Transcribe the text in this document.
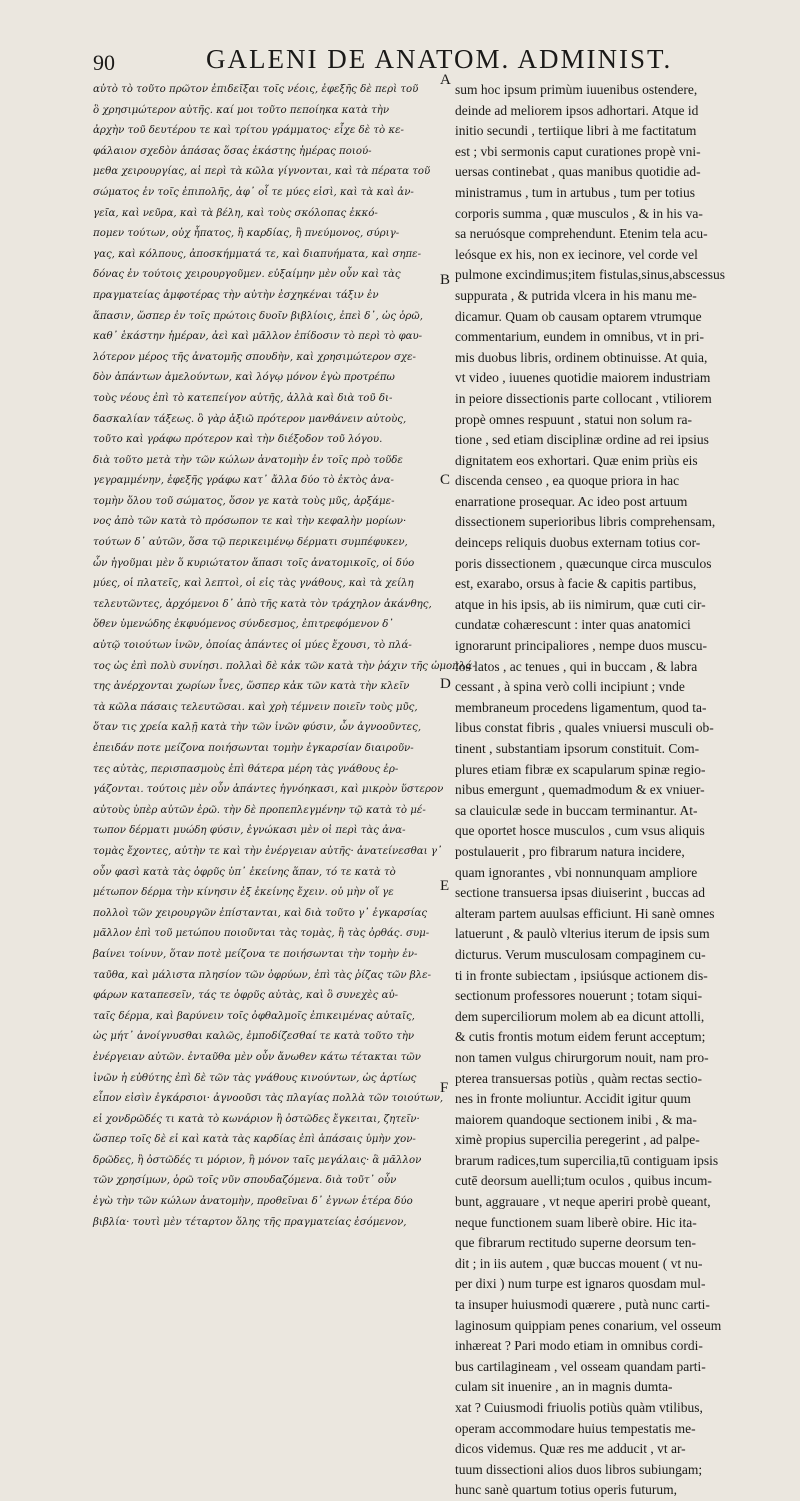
90	GALENI DE ANATOM. ADMINIST.
αὐτὸ τὸ τοῦτο πρῶτον ἐπιδεῖξαι τοῖς νέοις, ἐφεξῆς δὲ περὶ τοῦ
ὃ χρησιμώτερον αὐτῆς. καί μοι τοῦτο πεποίηκα κατὰ τὴν
ἀρχὴν τοῦ δευτέρου τε καὶ τρίτου γράμματος· εἶχε δὲ τὸ κε-
φάλαιον σχεδὸν ἁπάσας ὅσας ἑκάστης ἡμέρας ποιού-
μεθα χειρουργίας, αἱ περὶ τὰ κῶλα γίγνονται, καὶ τὰ πέρατα τοῦ
σώματος ἐν τοῖς ἐπιπολῆς, ἀφ᾽ οἷ τε μύες εἰσὶ, καὶ τὰ καὶ ἀν-
γεῖα, καὶ νεῦρα, καὶ τὰ βέλη, καὶ τοὺς σκόλοπας ἐκκό-
πομεν τούτων, οὐχ ἧπατος, ἢ καρδίας, ἢ πνεύμονος, σύριγ-
γας, καὶ κόλπους, ἀποσκήμματά τε, καὶ διαπυήματα, καὶ σηπε-
δόνας ἐν τούτοις χειρουργοῦμεν. εὐξαίμην μὲν οὖν καὶ τὰς
πραγματείας ἀμφοτέρας τὴν αὐτὴν ἐσχηκέναι τάξιν ἐν
ἅπασιν, ὥσπερ ἐν τοῖς πρώτοις δυοῖν βιβλίοις, ἐπεὶ δ᾽, ὡς ὁρῶ,
καθ᾽ ἑκάστην ἡμέραν, ἀεὶ καὶ μᾶλλον ἐπίδοσιν τὸ περὶ τὸ φαυ-
λότερον μέρος τῆς ἀνατομῆς σπουδὴν, καὶ χρησιμώτερον σχε-
δὸν ἁπάντων ἀμελούντων, καὶ λόγῳ μόνον ἐγὼ προτρέπω
τοὺς νέους ἐπὶ τὸ κατεπείγον αὐτῆς, ἀλλὰ καὶ διὰ τοῦ δι-
δασκαλίαν τάξεως. ὃ γὰρ ἀξιῶ πρότερον μανθάνειν αὐτοὺς,
τοῦτο καὶ γράφω πρότερον καὶ τὴν διέξοδον τοῦ λόγου.
διὰ τοῦτο μετὰ τὴν τῶν κώλων ἀνατομὴν ἐν τοῖς πρὸ τοῦδε
γεγραμμένην, ἐφεξῆς γράφω κατ᾽ ἄλλα δύο τὸ ἐκτὸς ἀνα-
τομὴν ὅλου τοῦ σώματος, ὅσον γε κατὰ τοὺς μῦς, ἀρξάμε-
νος ἀπὸ τῶν κατὰ τὸ πρόσωπον τε καὶ τὴν κεφαλὴν μορίων·
τούτων δ᾽ αὐτῶν, ὅσα τῷ περικειμένῳ δέρματι συμπέφυκεν,
ὧν ἡγοῦμαι μὲν ὅ κυριώτατον ἅπασι τοῖς ἀνατομικοῖς, οἱ δύο
μύες, οἱ πλατεῖς, καὶ λεπτοὶ, οἱ εἰς τὰς γνάθους, καὶ τὰ χείλη
τελευτῶντες, ἀρχόμενοι δ᾽ ἀπὸ τῆς κατὰ τὸν τράχηλον ἀκάνθης,
ὅθεν ὑμενώδης ἐκφυόμενος σύνδεσμος, ἐπιτρεφόμενον δ᾽
αὐτῷ τοιούτων ἰνῶν, ὁποίας ἁπάντες οἱ μύες ἔχουσι, τὸ πλά-
τος ὡς ἐπὶ πολὺ συνίησι. πολλαὶ δὲ κἀκ τῶν κατὰ τὴν ῥάχιν τῆς ὠμοπλά-
της ἀνέρχονται χωρίων ἶνες, ὥσπερ κἀκ τῶν κατὰ τὴν κλεῖν
τὰ κῶλα πάσαις τελευτῶσαι. καὶ χρὴ τέμνειν ποιεῖν τοὺς μῦς,
ὅταν τις χρεία καλῇ κατὰ τὴν τῶν ἰνῶν φύσιν, ὧν ἀγνοοῦντες,
ἐπειδάν ποτε μείζονα ποιήσωνται τομὴν ἐγκαρσίαν διαιροῦν-
τες αὐτὰς, περισπασμοὺς ἐπὶ θάτερα μέρη τὰς γνάθους ἐρ-
γάζονται. τούτοις μὲν οὖν ἁπάντες ἠγνόηκασι, καὶ μικρὸν ὕστερον
αὐτοὺς ὑπὲρ αὐτῶν ἐρῶ. τὴν δὲ προπεπλεγμένην τῷ κατὰ τὸ μέ-
τωπον δέρματι μυώδη φύσιν, ἐγνώκασι μὲν οἱ περὶ τὰς ἀνα-
τομὰς ἔχοντες, αὐτὴν τε καὶ τὴν ἐνέργειαν αὐτῆς· ἀνατείνεσθαι γ᾽
οὖν φασὶ κατὰ τὰς ὀφρῦς ὑπ᾽ ἐκείνης ἅπαν, τό τε κατὰ τὸ
μέτωπον δέρμα τὴν κίνησιν ἐξ ἐκείνης ἔχειν. οὐ μὴν οἵ γε
πολλοὶ τῶν χειρουργῶν ἐπίστανται, καὶ διὰ τοῦτο γ᾽ ἐγκαρσίας
μᾶλλον ἐπὶ τοῦ μετώπου ποιοῦνται τὰς τομὰς, ἢ τὰς ὀρθάς. συμ-
βαίνει τοίνυν, ὅταν ποτὲ μείζονα τε ποιήσωνται τὴν τομὴν ἐν-
ταῦθα, καὶ μάλιστα πλησίον τῶν ὀφρύων, ἐπὶ τὰς ῥίζας τῶν βλε-
φάρων καταπεσεῖν, τάς τε ὀφρῦς αὐτὰς, καὶ ὃ συνεχὲς αὐ-
ταῖς δέρμα, καὶ βαρύνειν τοῖς ὀφθαλμοῖς ἐπικειμένας αὐταῖς,
ὡς μήτ᾽ ἀνοίγνυσθαι καλῶς, ἐμποδίζεσθαί τε κατὰ τοῦτο τὴν
ἐνέργειαν αὐτῶν. ἐνταῦθα μὲν οὖν ἄνωθεν κάτω τέτακται τῶν
ἰνῶν ἡ εὐθύτης ἐπὶ δὲ τῶν τὰς γνάθους κινούντων, ὡς ἀρτίως
εἶπον εἰσὶν ἐγκάρσιοι· ἀγνοοῦσι τὰς πλαγίας πολλὰ τῶν τοιούτων,
εἰ χονδρῶδές τι κατὰ τὸ κωνάριον ἢ ὀστῶδες ἔγκειται, ζητεῖν·
ὥσπερ τοῖς δὲ εἰ καὶ κατὰ τὰς καρδίας ἐπὶ ἁπάσαις ὑμὴν χον-
δρῶδες, ἢ ὀστῶδές τι μόριον, ἢ μόνον ταῖς μεγάλαις· ἃ μᾶλλον
τῶν χρησίμων, ὁρῶ τοῖς νῦν σπουδαζόμενα. διὰ τοῦτ᾽ οὖν
ἐγὼ τὴν τῶν κώλων ἀνατομὴν, προθεῖναι δ᾽ ἐγνων ἑτέρα δύο
βιβλία· τουτὶ μὲν τέταρτον ὅλης τῆς πραγματείας ἐσόμενον,
sum hoc ipsum primùm iuuenibus ostendere,
deinde ad meliorem ipsos adhortari. Atque id
initio secundi , tertiique libri à me factitatum
est ; vbi sermonis caput curationes propè vni-
uersas continebat , quas manibus quotidie ad-
ministramus , tum in artubus , tum per totius
corporis summa , quæ musculos , & in his va-
sa neruósque comprehendunt. Etenim tela acu-
leósque ex his, non ex iecinore, vel corde vel
pulmone excindimus;item fistulas,sinus,abscessus
suppurata , & putrida vlcera in his manu me-
dicamur. Quam ob causam optarem vtrumque
commentarium, eundem in omnibus, vt in pri-
mis duobus libris, ordinem obtinuisse. At quia,
vt video , iuuenes quotidie maiorem industriam
in peiore dissectionis parte collocant , vtiliorem
propè omnes respuunt , statui non solum ra-
tione , sed etiam disciplinæ ordine ad rei ipsius
dignitatem eos exhortari. Quæ enim priùs eis
discenda censeo , ea quoque priora in hac
enarratione prosequar. Ac ideo post artuum
dissectionem superioribus libris comprehensam,
deinceps reliquis duobus externam totius cor-
poris dissectionem , quæcunque circa musculos
est, exarabo, orsus à facie & capitis partibus,
atque in his ipsis, ab iis nimirum, quæ cuti cir-
cundatæ cohærescunt : inter quas anatomici
ignorarunt principaliores , nempe duos muscu-
los latos , ac tenues , qui in buccam , & labra
cessant , à spina verò colli incipiunt ; vnde
membraneum procedens ligamentum, quod ta-
libus constat fibris , quales vniuersi musculi ob-
tinent , substantiam ipsorum constituit. Com-
plures etiam fibræ ex scapularum spinæ regio-
nibus emergunt , quemadmodum & ex vniuer-
sa clauiculæ sede in buccam terminantur. At-
que oportet hosce musculos , cum vsus aliquis
postulauerit , pro fibrarum natura incidere,
quam ignorantes , vbi nonnunquam ampliore
sectione transuersa ipsas diuiserint , buccas ad
alteram partem auulsas efficiunt. Hi sanè omnes
latuerunt , & paulò vlterius iterum de ipsis sum
dicturus. Verum musculosam compaginem cu-
ti in fronte subiectam , ipsiúsque actionem dis-
sectionum professores nouerunt ; totam siqui-
dem superciliorum molem ab ea dicunt attolli,
& cutis frontis motum eidem ferunt acceptum;
non tamen vulgus chirurgorum nouit, nam pro-
pterea transuersas potiùs , quàm rectas sectio-
nes in fronte moliuntur. Accidit igitur quum
maiorem quandoque sectionem inibi , & ma-
ximè propius supercilia peregerint , ad palpe-
brarum radices,tum supercilia,tū contiguam ipsis
cutē deorsum auelli;tum oculos , quibus incum-
bunt, aggrauare , vt neque aperiri probè queant,
neque functionem suam liberè obire. Hic ita-
que fibrarum rectitudo superne deorsum ten-
dit ; in iis autem , quæ buccas mouent ( vt nu-
per dixi ) num turpe est ignaros quosdam mul-
ta insuper huiusmodi quærere , putà nunc carti-
laginosum quippiam penes conarium, vel osseum
inhæreat ? Pari modo etiam in omnibus cordi-
bus cartilagineam , vel osseam quandam parti-
culam sit inuenire , an in magnis dumta-
xat ? Cuiusmodi friuolis potiùs quàm vtilibus,
operam accommodare huius tempestatis me-
dicos videmus. Quæ res me adducit , vt ar-
tuum dissectioni alios duos libros subiungam;
hunc sanè quartum totius operis futurum,
A
B
C
D
E
F
